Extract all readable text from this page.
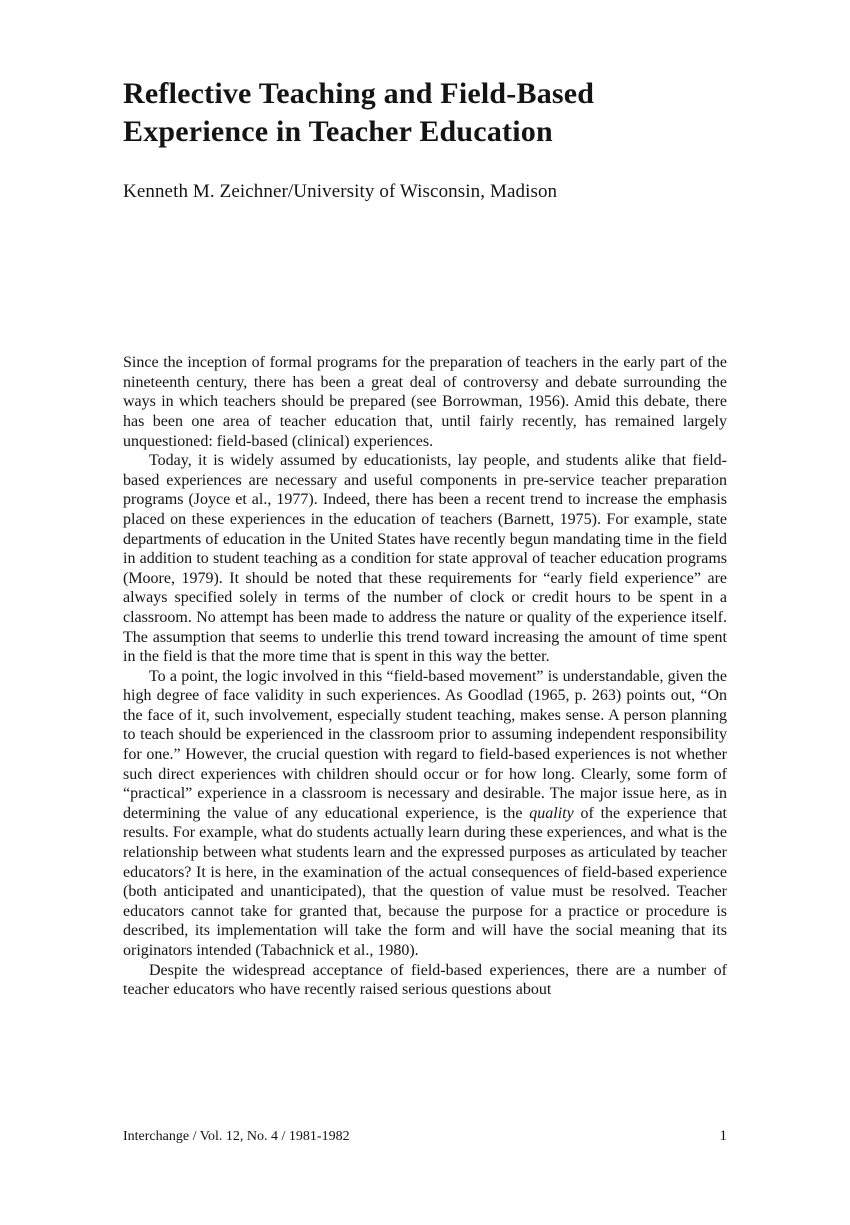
Reflective Teaching and Field-Based
Experience in Teacher Education
Kenneth M. Zeichner/University of Wisconsin, Madison

Since the inception of formal programs for the preparation of teachers in the early part of the nineteenth century, there has been a great deal of controversy and debate surrounding the ways in which teachers should be prepared (see Borrowman, 1956). Amid this debate, there has been one area of teacher education that, until fairly recently, has remained largely unquestioned: field-based (clinical) experiences.

Today, it is widely assumed by educationists, lay people, and students alike that field-based experiences are necessary and useful components in pre-service teacher preparation programs (Joyce et al., 1977). Indeed, there has been a recent trend to increase the emphasis placed on these experiences in the education of teachers (Barnett, 1975). For example, state departments of education in the United States have recently begun mandating time in the field in addition to student teaching as a condition for state approval of teacher education programs (Moore, 1979). It should be noted that these requirements for “early field experience” are always specified solely in terms of the number of clock or credit hours to be spent in a classroom. No attempt has been made to address the nature or quality of the experience itself. The assumption that seems to underlie this trend toward increasing the amount of time spent in the field is that the more time that is spent in this way the better.

To a point, the logic involved in this “field-based movement” is understandable, given the high degree of face validity in such experiences. As Goodlad (1965, p. 263) points out, “On the face of it, such involvement, especially student teaching, makes sense. A person planning to teach should be experienced in the classroom prior to assuming independent responsibility for one.” However, the crucial question with regard to field-based experiences is not whether such direct experiences with children should occur or for how long. Clearly, some form of “practical” experience in a classroom is necessary and desirable. The major issue here, as in determining the value of any educational experience, is the quality of the experience that results. For example, what do students actually learn during these experiences, and what is the relationship between what students learn and the expressed purposes as articulated by teacher educators? It is here, in the examination of the actual consequences of field-based experience (both anticipated and unanticipated), that the question of value must be resolved. Teacher educators cannot take for granted that, because the purpose for a practice or procedure is described, its implementation will take the form and will have the social meaning that its originators intended (Tabachnick et al., 1980).

Despite the widespread acceptance of field-based experiences, there are a number of teacher educators who have recently raised serious questions about

Interchange / Vol. 12, No. 4 / 1981-1982	1
